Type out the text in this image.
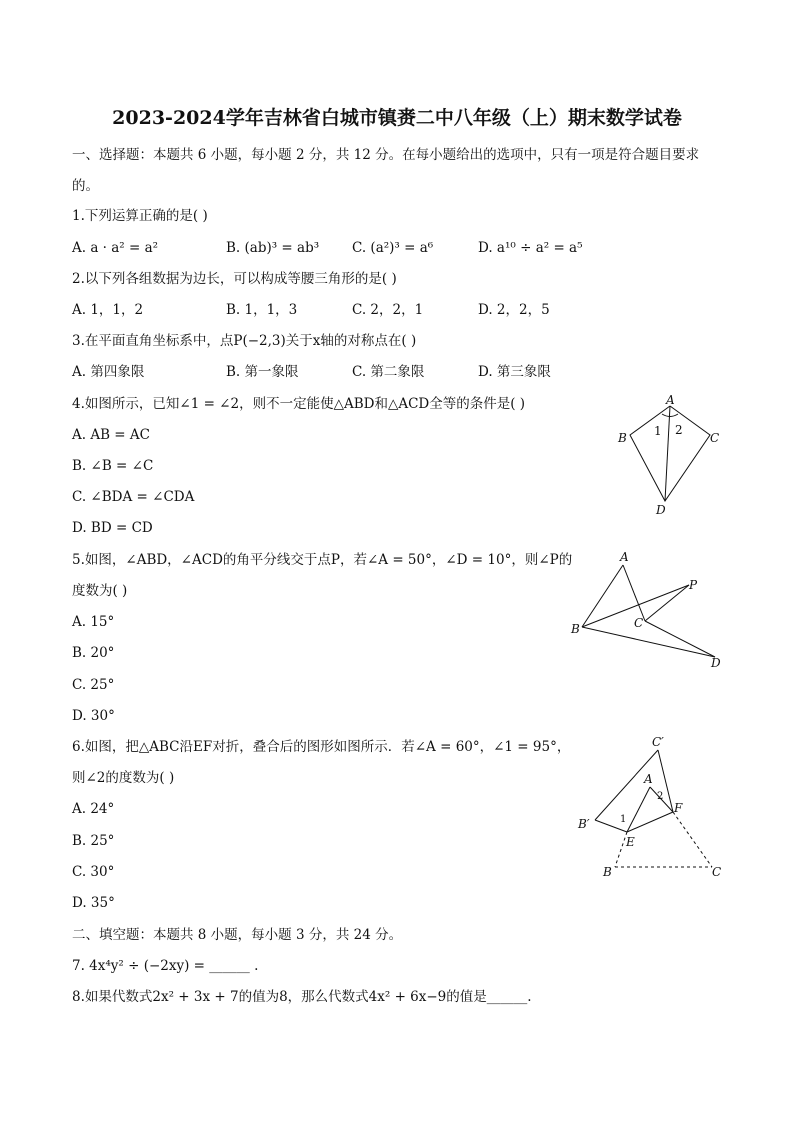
2023-2024学年吉林省白城市镇赉二中八年级（上）期末数学试卷
一、选择题：本题共 6 小题，每小题 2 分，共 12 分。在每小题给出的选项中，只有一项是符合题目要求
的。
1.下列运算正确的是( )
A. a · a² = a²	B. (ab)³ = ab³ C. (a²)³ = a⁶	D. a¹⁰ ÷ a² = a⁵
2.以下列各组数据为边长，可以构成等腰三角形的是( )
A. 1，1，2	B. 1，1，3	C. 2，2，1	D. 2，2，5
3.在平面直角坐标系中，点P(−2,3)关于x轴的对称点在( )
A. 第四象限	B. 第一象限	C. 第二象限	D. 第三象限
4.如图所示，已知∠1 = ∠2，则不一定能使△ABD和△ACD全等的条件是( )
A. AB = AC
B. ∠B = ∠C
C. ∠BDA = ∠CDA
D. BD = CD
A
B	C
D
1 2
5.如图，∠ABD，∠ACD的角平分线交于点P，若∠A = 50°，∠D = 10°，则∠P的
度数为( )
A. 15°
B. 20°
C. 25°
D. 30°
A
B	C
D
P
6.如图，把△ABC沿EF对折，叠合后的图形如图所示．若∠A = 60°，∠1 = 95°，
则∠2的度数为( )
A. 24°
B. 25°
C. 30°
D. 35°
C′
A
2
F
B′	1
E
B	C
二、填空题：本题共 8 小题，每小题 3 分，共 24 分。
7. 4x⁴y² ÷ (−2xy) = ______ .
8.如果代数式2x² + 3x + 7的值为8，那么代数式4x² + 6x−9的值是______.
